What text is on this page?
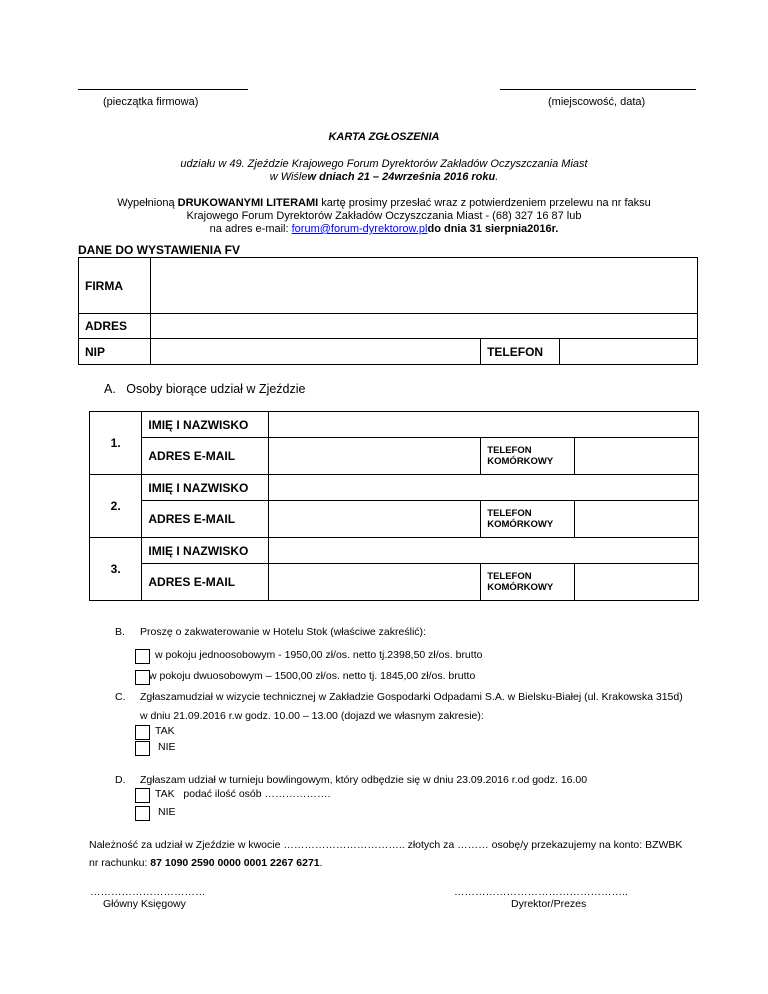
(pieczątka firmowa)	(miejscowość, data)
KARTA ZGŁOSZENIA
udziału w 49. Zjeździe Krajowego Forum Dyrektorów Zakładów Oczyszczania Miast
w Wiślew dniach 21 – 24września 2016 roku.
Wypełnioną DRUKOWANYMI LITERAMI kartę prosimy przesłać wraz z potwierdzeniem przelewu na nr faksu
Krajowego Forum Dyrektorów Zakładów Oczyszczania Miast - (68) 327 16 87 lub
na adres e-mail: forum@forum-dyrektorow.pldo dnia 31 sierpnia2016r.
DANE DO WYSTAWIENIA FV
FIRMA			
ADRES			
NIP		TELEFON	
A.   Osoby biorące udział w Zjeździe
1.	IMIĘ I NAZWISKO			
	ADRES E-MAIL		TELEFON
KOMÓRKOWY	
2.	IMIĘ I NAZWISKO			
	ADRES E-MAIL		TELEFON
KOMÓRKOWY	
3.	IMIĘ I NAZWISKO			
	ADRES E-MAIL		TELEFON
KOMÓRKOWY	
B. Proszę o zakwaterowanie w Hotelu Stok (właściwe zakreślić):
w pokoju jednoosobowym - 1950,00 zł/os. netto tj.2398,50 zł/os. brutto
w pokoju dwuosobowym – 1500,00 zł/os. netto tj. 1845,00 zł/os. brutto
C. Zgłaszamudział w wizycie technicznej w Zakładzie Gospodarki Odpadami S.A. w Bielsku-Białej (ul. Krakowska 315d)
w dniu 21.09.2016 r.w godz. 10.00 – 13.00 (dojazd we własnym zakresie):
TAK
NIE
D. Zgłaszam udział w turnieju bowlingowym, który odbędzie się w dniu 23.09.2016 r.od godz. 16.00
TAK   podać ilość osób ……………….
NIE
Należność za udział w Zjeździe w kwocie …………………………….. złotych za ……… osobę/y przekazujemy na konto: BZWBK
nr rachunku: 87 1090 2590 0000 0001 2267 6271.
……………………………
Główny Księgowy
…………………………………………..
Dyrektor/Prezes
